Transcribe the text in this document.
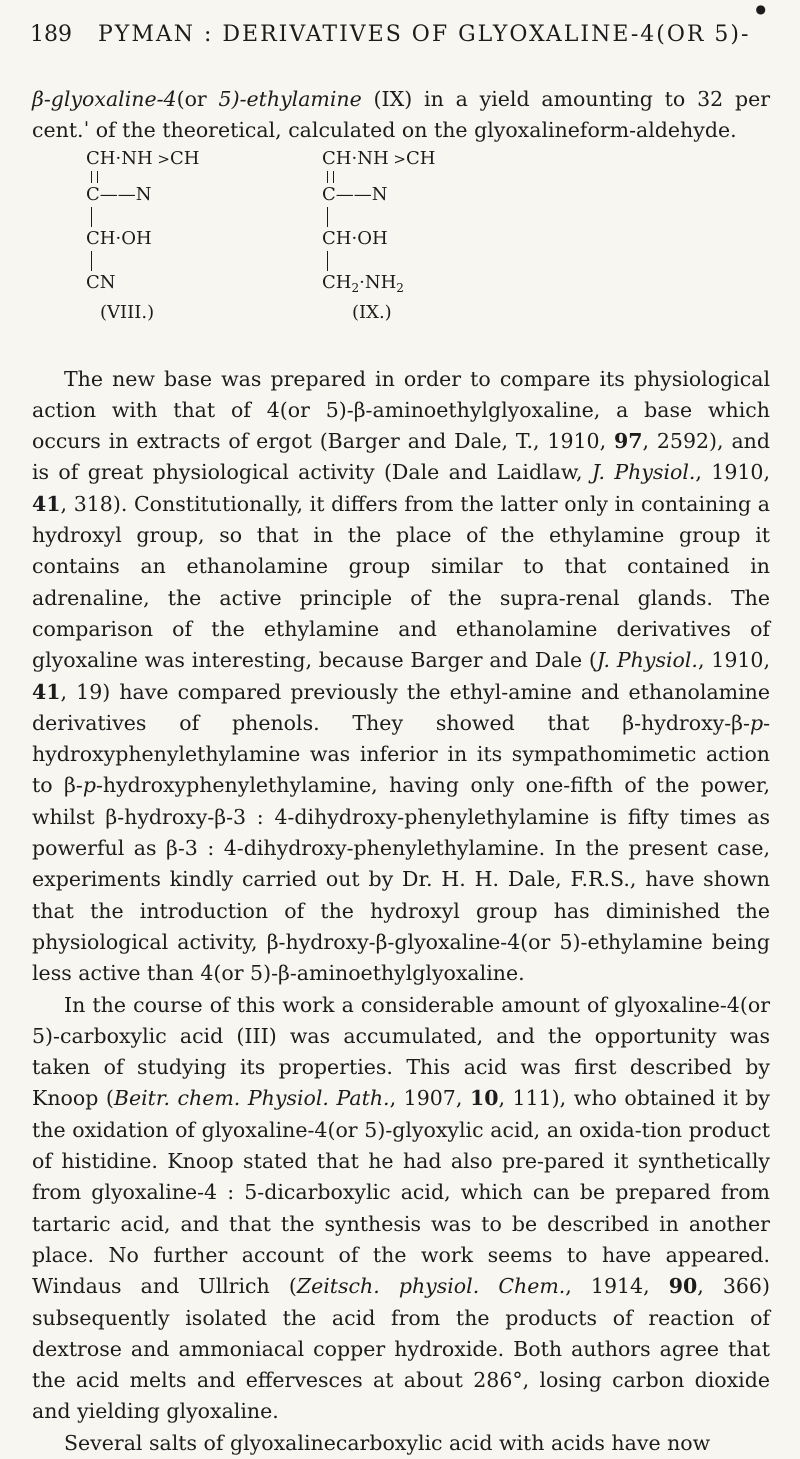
189 PYMAN : DERIVATIVES OF GLYOXALINE-4(OR 5)-
●

β-glyoxaline-4(or 5)-ethylamine (IX) in a yield amounting to 32 per cent.ˈ of the theoretical, calculated on the glyoxalineform-aldehyde.

CH·NH >CH
C——N
CH·OH
CN
(VIII.)
CH·NH >CH
C——N
CH·OH
$CH_2\cdot NH_2$
(IX.)

The new base was prepared in order to compare its physiological action with that of 4(or 5)-β-aminoethylglyoxaline, a base which occurs in extracts of ergot (Barger and Dale, T., 1910, 97, 2592), and is of great physiological activity (Dale and Laidlaw, J. Physiol., 1910, 41, 318). Constitutionally, it differs from the latter only in containing a hydroxyl group, so that in the place of the ethylamine group it contains an ethanolamine group similar to that contained in adrenaline, the active principle of the supra-renal glands. The comparison of the ethylamine and ethanolamine derivatives of glyoxaline was interesting, because Barger and Dale (J. Physiol., 1910, 41, 19) have compared previously the ethyl-amine and ethanolamine derivatives of phenols. They showed that β-hydroxy-β-p-hydroxyphenylethylamine was inferior in its sympathomimetic action to β-p-hydroxyphenylethylamine, having only one-fifth of the power, whilst β-hydroxy-β-3 : 4-dihydroxy-phenylethylamine is fifty times as powerful as β-3 : 4-dihydroxy-phenylethylamine. In the present case, experiments kindly carried out by Dr. H. H. Dale, F.R.S., have shown that the introduction of the hydroxyl group has diminished the physiological activity, β-hydroxy-β-glyoxaline-4(or 5)-ethylamine being less active than 4(or 5)-β-aminoethylglyoxaline.

In the course of this work a considerable amount of glyoxaline-4(or 5)-carboxylic acid (III) was accumulated, and the opportunity was taken of studying its properties. This acid was first described by Knoop (Beitr. chem. Physiol. Path., 1907, 10, 111), who obtained it by the oxidation of glyoxaline-4(or 5)-glyoxylic acid, an oxida-tion product of histidine. Knoop stated that he had also pre-pared it synthetically from glyoxaline-4 : 5-dicarboxylic acid, which can be prepared from tartaric acid, and that the synthesis was to be described in another place. No further account of the work seems to have appeared. Windaus and Ullrich (Zeitsch. physiol. Chem., 1914, 90, 366) subsequently isolated the acid from the products of reaction of dextrose and ammoniacal copper hydroxide. Both authors agree that the acid melts and effervesces at about 286°, losing carbon dioxide and yielding glyoxaline.

Several salts of glyoxalinecarboxylic acid with acids have now
